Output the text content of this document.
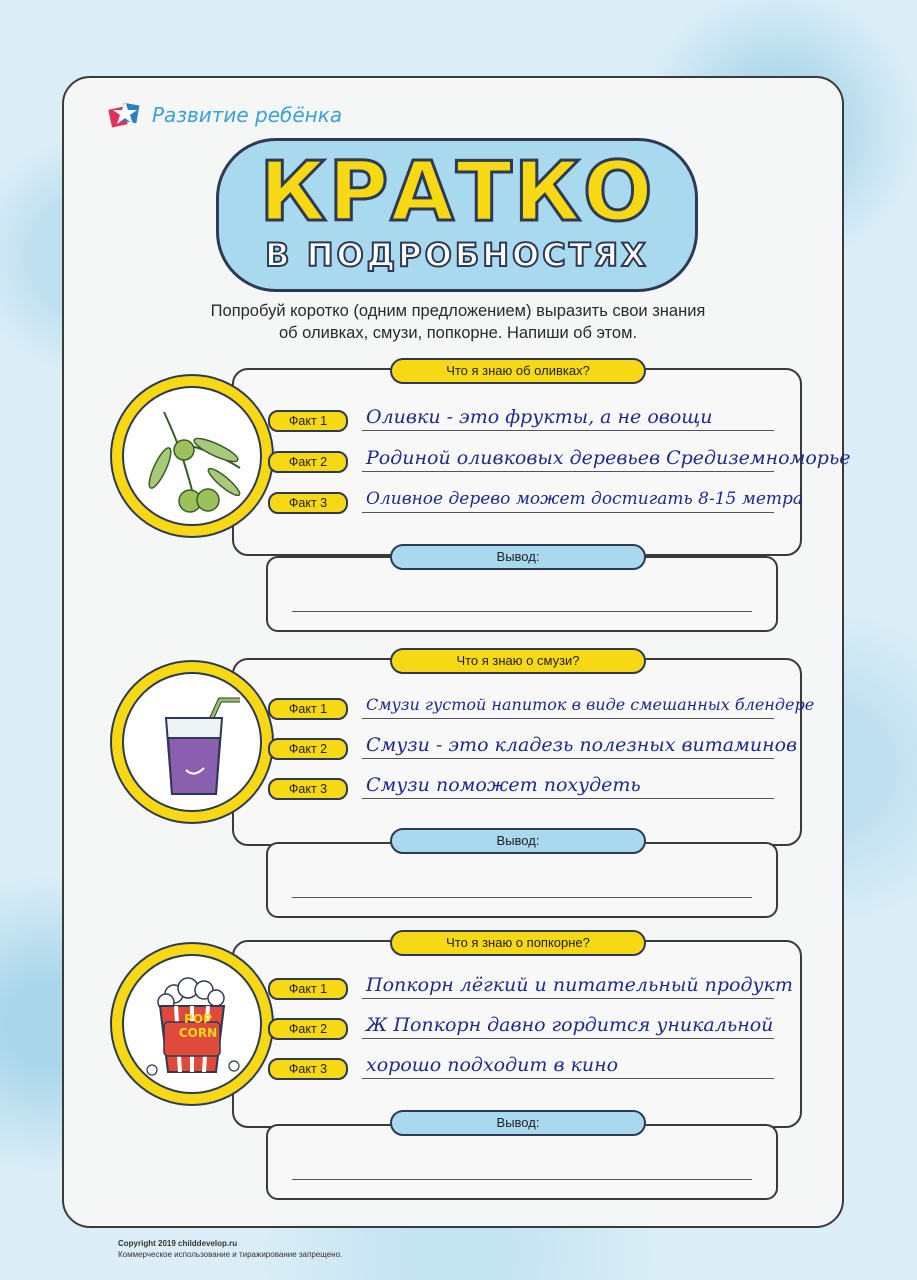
Развитие ребёнка
КРАТКО
В ПОДРОБНОСТЯХ
Попробуй коротко (одним предложением) выразить свои знания
об оливках, смузи, попкорне. Напиши об этом.
Что я знаю об оливках?
Вывод:
Факт 1
Факт 2
Факт 3
Оливки - это фрукты, а не овощи
Родиной оливковых деревьев Средиземноморье
Оливное дерево может достигать 8-15 метра
Что я знаю о смузи?
Вывод:
Факт 1
Факт 2
Факт 3
Смузи густой напиток в виде смешанных блендере
Смузи - это кладезь полезных витаминов
Смузи поможет похудеть
Что я знаю о попкорне?
Вывод:
POP
CORN
Факт 1
Факт 2
Факт 3
Попкорн лёгкий и питательный продукт
Ж Попкорн давно гордится уникальной
хорошо подходит в кино
Copyright 2019 childdevelop.ru
Коммерческое использование и тиражирование запрещено.
